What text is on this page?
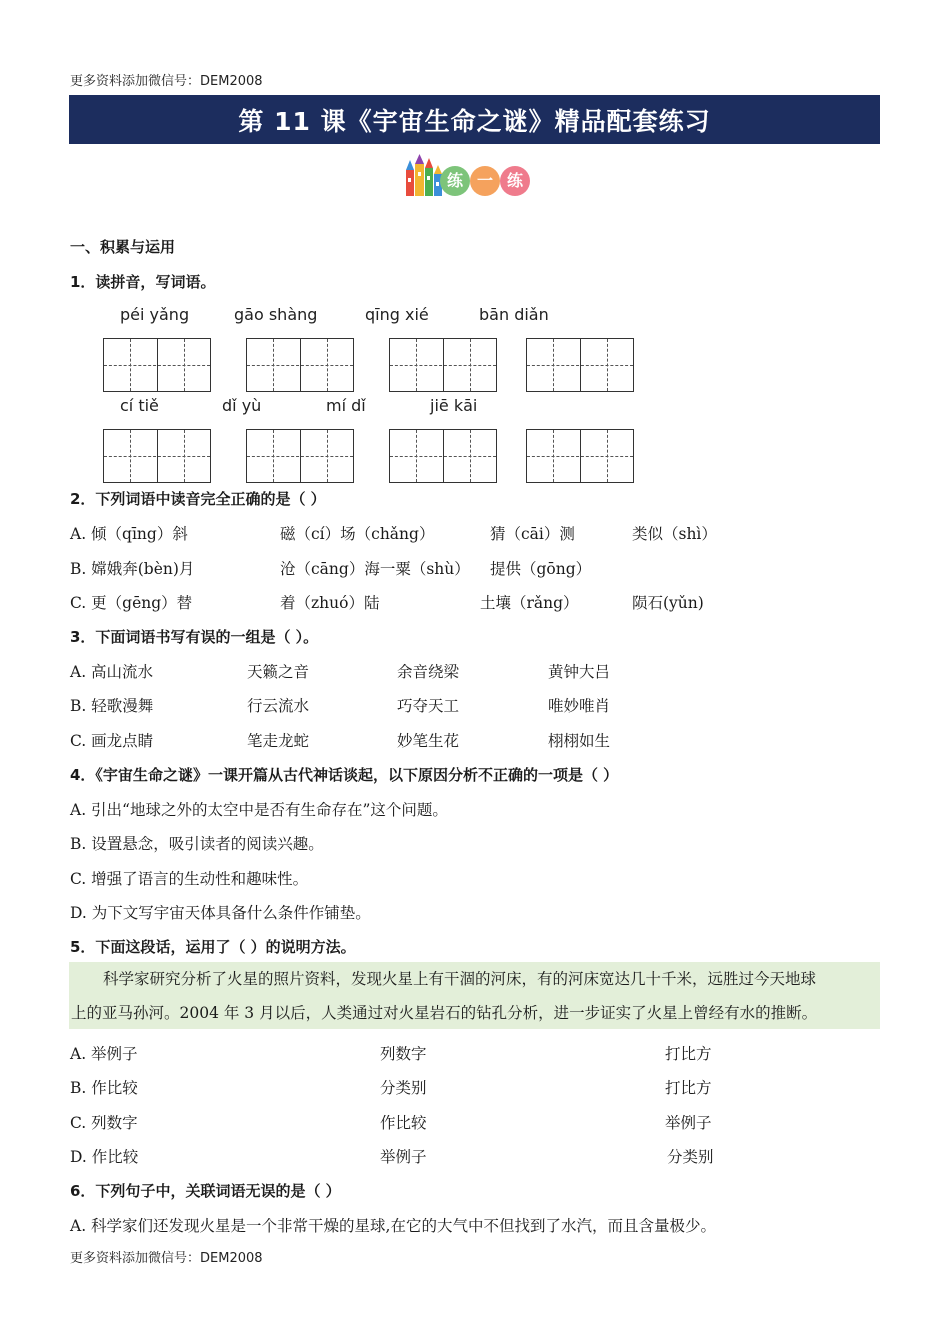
更多资料添加微信号：DEM2008
第 11 课《宇宙生命之谜》精品配套练习
练 一 练
一、积累与运用
1．读拼音，写词语。
péi yǎng	gāo shàng	qīng xié	bān diǎn
cí tiě	dǐ yù	mí dǐ	jiē kāi
2．下列词语中读音完全正确的是（ ）
A. 倾（qīng）斜	磁（cí）场（chǎng）	猜（cāi）测	类似（shì）
B. 嫦娥奔(bèn)月	沧（cāng）海一粟（shù） 提供（gōng）
C. 更（gēng）替	着（zhuó）陆	土壤（rǎng）	陨石(yǔn)
3．下面词语书写有误的一组是（ ）。
A. 高山流水	天籁之音	余音绕梁	黄钟大吕
B. 轻歌漫舞	行云流水	巧夺天工	唯妙唯肖
C. 画龙点睛	笔走龙蛇	妙笔生花	栩栩如生
4．《宇宙生命之谜》一课开篇从古代神话谈起，以下原因分析不正确的一项是（ ）
A. 引出“地球之外的太空中是否有生命存在”这个问题。
B. 设置悬念，吸引读者的阅读兴趣。
C. 增强了语言的生动性和趣味性。
D. 为下文写宇宙天体具备什么条件作铺垫。
5．下面这段话，运用了（ ）的说明方法。
科学家研究分析了火星的照片资料，发现火星上有干涸的河床，有的河床宽达几十千米，远胜过今天地球
上的亚马孙河。2004 年 3 月以后，人类通过对火星岩石的钻孔分析，进一步证实了火星上曾经有水的推断。
A. 举例子	列数字	打比方
B. 作比较	分类别	打比方
C. 列数字	作比较	举例子
D. 作比较	举例子	分类别
6．下列句子中，关联词语无误的是（ ）
A. 科学家们还发现火星是一个非常干燥的星球,在它的大气中不但找到了水汽，而且含量极少。
更多资料添加微信号：DEM2008
